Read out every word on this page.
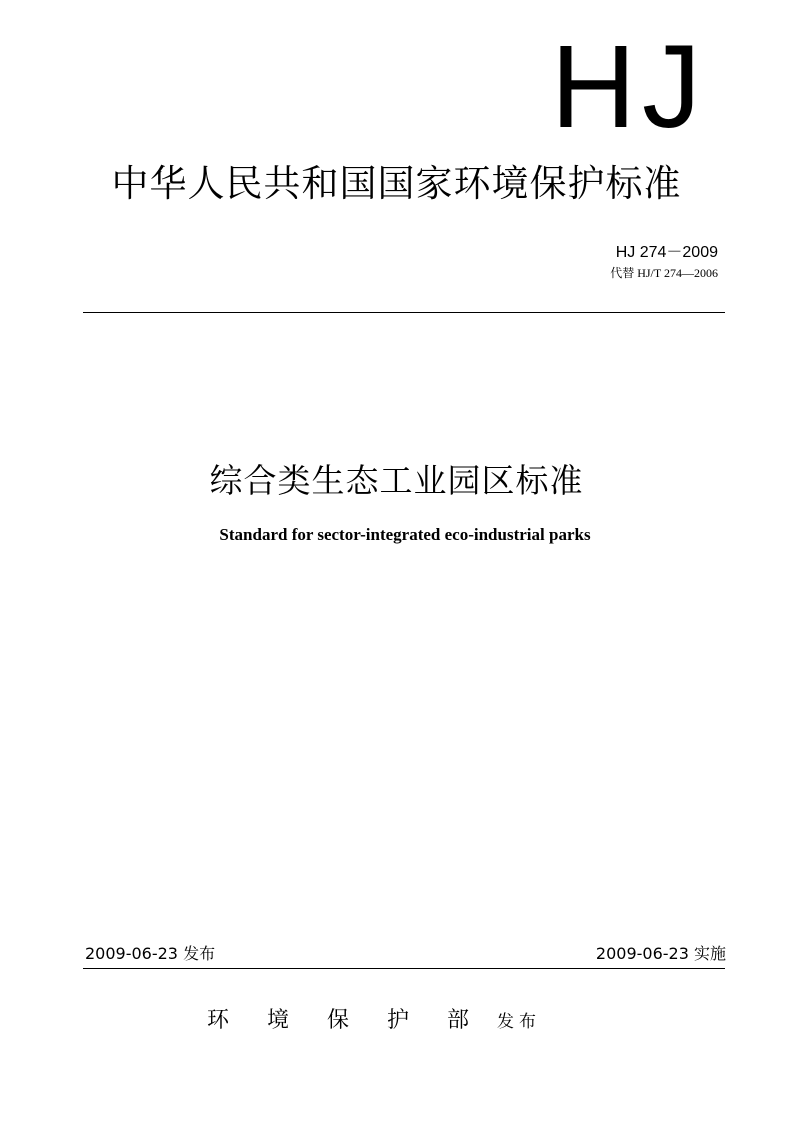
HJ
中华人民共和国国家环境保护标准
HJ 274－2009
代替 HJ/T 274—2006
综合类生态工业园区标准
Standard for sector-integrated eco-industrial parks
2009-06-23 发布	2009-06-23 实施
环境保护部
发布
